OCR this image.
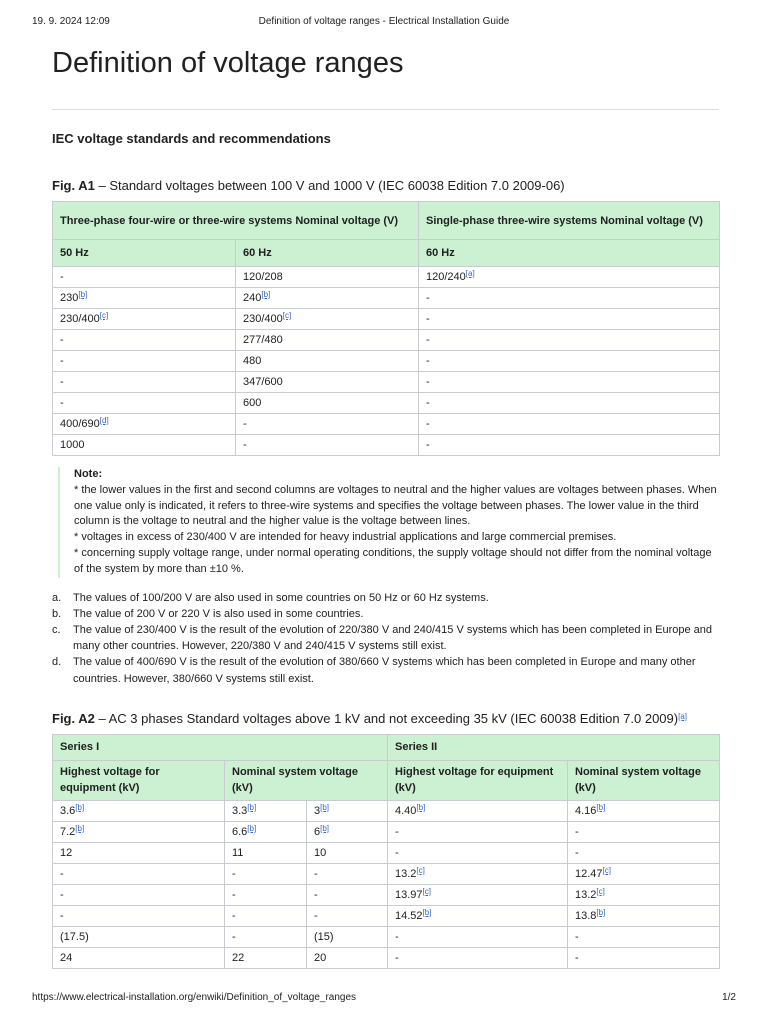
19. 9. 2024 12:09	Definition of voltage ranges - Electrical Installation Guide
Definition of voltage ranges
IEC voltage standards and recommendations
Fig. A1 – Standard voltages between 100 V and 1000 V (IEC 60038 Edition 7.0 2009-06)
Three-phase four-wire or three-wire systems Nominal voltage (V)		Single-phase three-wire systems Nominal voltage (V)
50 Hz	60 Hz	60 Hz
-	120/208	120/240[a]
230[b]	240[b]	-
230/400[c]	230/400[c]	-
-	277/480	-
-	480	-
-	347/600	-
-	600	-
400/690[d]	-	-
1000	-	-
Note:
* the lower values in the first and second columns are voltages to neutral and the higher values are voltages between phases. When one value only is indicated, it refers to three-wire systems and specifies the voltage between phases. The lower value in the third column is the voltage to neutral and the higher value is the voltage between lines.
* voltages in excess of 230/400 V are intended for heavy industrial applications and large commercial premises.
* concerning supply voltage range, under normal operating conditions, the supply voltage should not differ from the nominal voltage of the system by more than ±10 %.
a. The values of 100/200 V are also used in some countries on 50 Hz or 60 Hz systems.
b. The value of 200 V or 220 V is also used in some countries.
c. The value of 230/400 V is the result of the evolution of 220/380 V and 240/415 V systems which has been completed in Europe and many other countries. However, 220/380 V and 240/415 V systems still exist.
d. The value of 400/690 V is the result of the evolution of 380/660 V systems which has been completed in Europe and many other countries. However, 380/660 V systems still exist.
Fig. A2 – AC 3 phases Standard voltages above 1 kV and not exceeding 35 kV (IEC 60038 Edition 7.0 2009)[a]
Series I			Series II	
Highest voltage for equipment (kV)	Nominal system voltage (kV)		Highest voltage for equipment (kV)	Nominal system voltage (kV)
3.6[b]	3.3[b]	3[b]	4.40[b]	4.16[b]
7.2[b]	6.6[b]	6[b]	-	-
12	11	10	-	-
-	-	-	13.2[c]	12.47[c]
-	-	-	13.97[c]	13.2[c]
-	-	-	14.52[b]	13.8[b]
(17.5)	-	(15)	-	-
24	22	20	-	-
https://www.electrical-installation.org/enwiki/Definition_of_voltage_ranges	1/2
